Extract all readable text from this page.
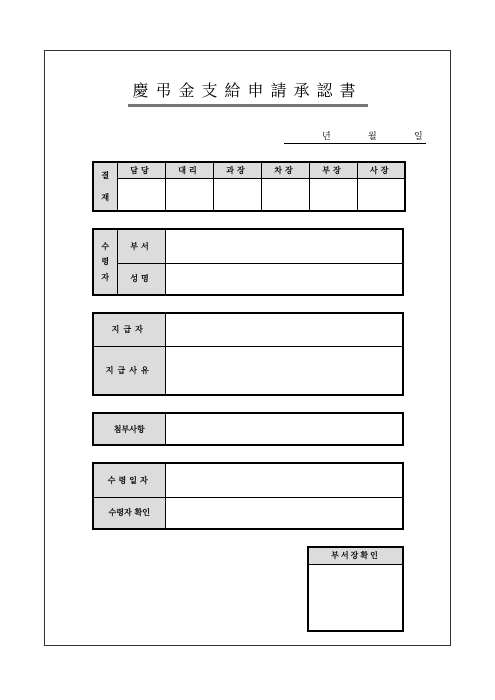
慶弔金支給申請承認書
년	월	일
결
재	담당	대리	과장	차장	부장	사장

수
령
자	부서	
	성명	
지급자	
지급사유	
첨부사항	
수령일자	
수령자 확인	
부서장확인
